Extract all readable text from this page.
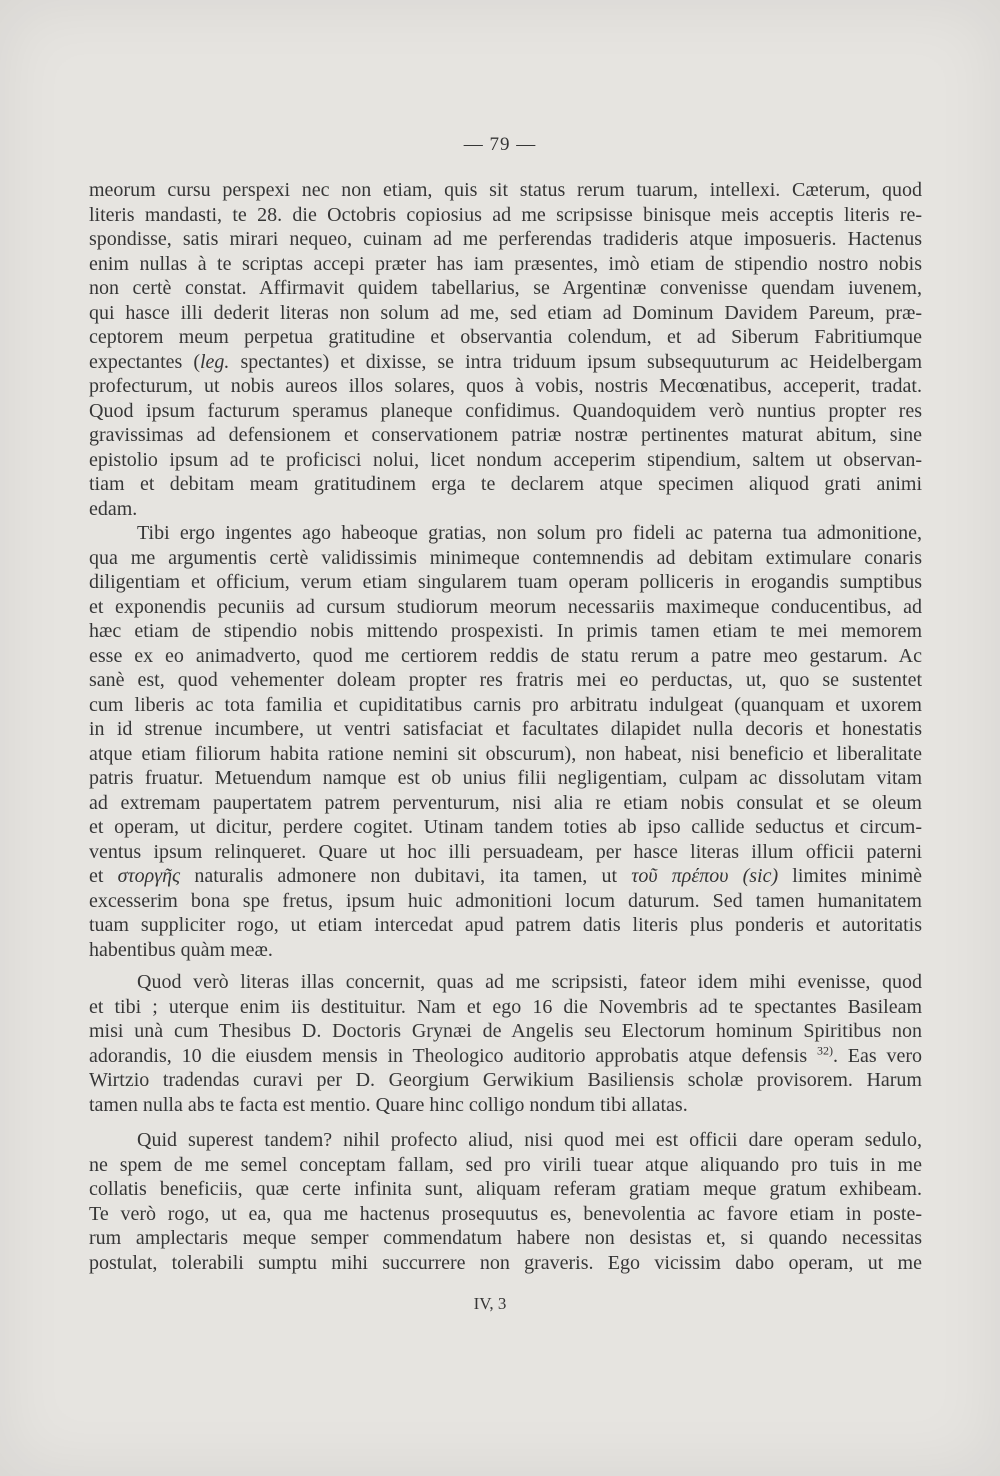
— 79 —
meorum cursu perspexi nec non etiam, quis sit status rerum tuarum, intellexi. Cæterum, quod
literis mandasti, te 28. die Octobris copiosius ad me scripsisse binisque meis acceptis literis re-
spondisse, satis mirari nequeo, cuinam ad me perferendas tradideris atque imposueris. Hactenus
enim nullas à te scriptas accepi præter has iam præsentes, imò etiam de stipendio nostro nobis
non certè constat. Affirmavit quidem tabellarius, se Argentinæ convenisse quendam iuvenem,
qui hasce illi dederit literas non solum ad me, sed etiam ad Dominum Davidem Pareum, præ-
ceptorem meum perpetua gratitudine et observantia colendum, et ad Siberum Fabritiumque
expectantes (leg. spectantes) et dixisse, se intra triduum ipsum subsequuturum ac Heidelbergam
profecturum, ut nobis aureos illos solares, quos à vobis, nostris Mecœnatibus, acceperit, tradat.
Quod ipsum facturum speramus planeque confidimus. Quandoquidem verò nuntius propter res
gravissimas ad defensionem et conservationem patriæ nostræ pertinentes maturat abitum, sine
epistolio ipsum ad te proficisci nolui, licet nondum acceperim stipendium, saltem ut observan-
tiam et debitam meam gratitudinem erga te declarem atque specimen aliquod grati animi
edam.
Tibi ergo ingentes ago habeoque gratias, non solum pro fideli ac paterna tua admonitione,
qua me argumentis certè validissimis minimeque contemnendis ad debitam extimulare conaris
diligentiam et officium, verum etiam singularem tuam operam polliceris in erogandis sumptibus
et exponendis pecuniis ad cursum studiorum meorum necessariis maximeque conducentibus, ad
hæc etiam de stipendio nobis mittendo prospexisti. In primis tamen etiam te mei memorem
esse ex eo animadverto, quod me certiorem reddis de statu rerum a patre meo gestarum. Ac
sanè est, quod vehementer doleam propter res fratris mei eo perductas, ut, quo se sustentet
cum liberis ac tota familia et cupiditatibus carnis pro arbitratu indulgeat (quanquam et uxorem
in id strenue incumbere, ut ventri satisfaciat et facultates dilapidet nulla decoris et honestatis
atque etiam filiorum habita ratione nemini sit obscurum), non habeat, nisi beneficio et liberalitate
patris fruatur. Metuendum namque est ob unius filii negligentiam, culpam ac dissolutam vitam
ad extremam paupertatem patrem perventurum, nisi alia re etiam nobis consulat et se oleum
et operam, ut dicitur, perdere cogitet. Utinam tandem toties ab ipso callide seductus et circum-
ventus ipsum relinqueret. Quare ut hoc illi persuadeam, per hasce literas illum officii paterni
et στοργῆς naturalis admonere non dubitavi, ita tamen, ut τοῦ πρέπου (sic) limites minimè
excesserim bona spe fretus, ipsum huic admonitioni locum daturum. Sed tamen humanitatem
tuam suppliciter rogo, ut etiam intercedat apud patrem datis literis plus ponderis et autoritatis
habentibus quàm meæ.
Quod verò literas illas concernit, quas ad me scripsisti, fateor idem mihi evenisse, quod
et tibi ; uterque enim iis destituitur. Nam et ego 16 die Novembris ad te spectantes Basileam
misi unà cum Thesibus D. Doctoris Grynæi de Angelis seu Electorum hominum Spiritibus non
adorandis, 10 die eiusdem mensis in Theologico auditorio approbatis atque defensis $^{32)}$. Eas vero
Wirtzio tradendas curavi per D. Georgium Gerwikium Basiliensis scholæ provisorem. Harum
tamen nulla abs te facta est mentio. Quare hinc colligo nondum tibi allatas.
Quid superest tandem? nihil profecto aliud, nisi quod mei est officii dare operam sedulo,
ne spem de me semel conceptam fallam, sed pro virili tuear atque aliquando pro tuis in me
collatis beneficiis, quæ certe infinita sunt, aliquam referam gratiam meque gratum exhibeam.
Te verò rogo, ut ea, qua me hactenus prosequutus es, benevolentia ac favore etiam in poste-
rum amplectaris meque semper commendatum habere non desistas et, si quando necessitas
postulat, tolerabili sumptu mihi succurrere non graveris. Ego vicissim dabo operam, ut me
IV, 3
